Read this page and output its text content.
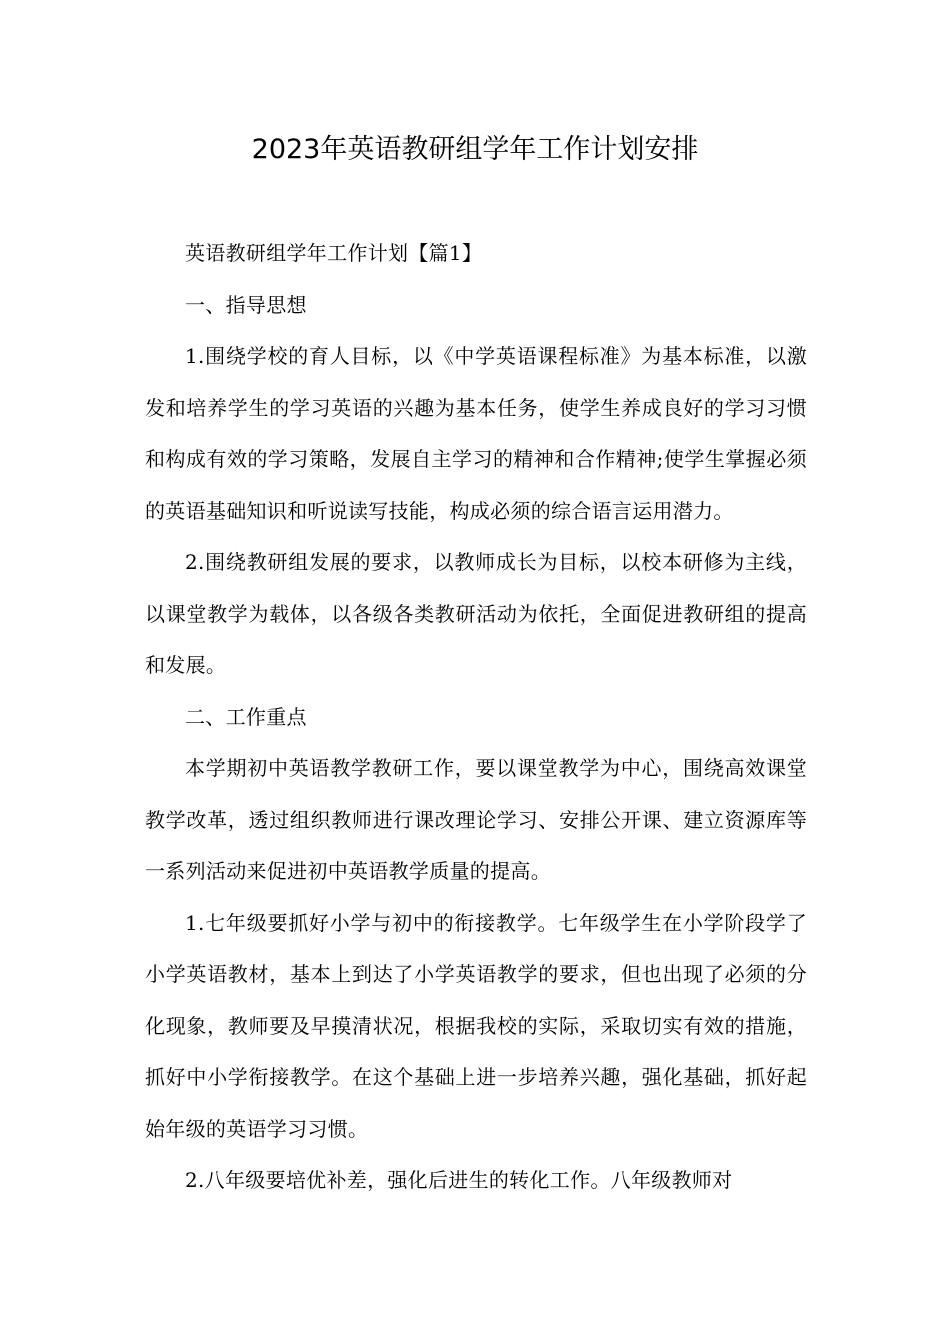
2023年英语教研组学年工作计划安排

英语教研组学年工作计划【篇1】

一、指导思想

1.围绕学校的育人目标，以《中学英语课程标准》为基本标准，以激发和培养学生的学习英语的兴趣为基本任务，使学生养成良好的学习习惯和构成有效的学习策略，发展自主学习的精神和合作精神;使学生掌握必须的英语基础知识和听说读写技能，构成必须的综合语言运用潜力。

2.围绕教研组发展的要求，以教师成长为目标，以校本研修为主线，以课堂教学为载体，以各级各类教研活动为依托，全面促进教研组的提高和发展。

二、工作重点

本学期初中英语教学教研工作，要以课堂教学为中心，围绕高效课堂教学改革，透过组织教师进行课改理论学习、安排公开课、建立资源库等一系列活动来促进初中英语教学质量的提高。

1.七年级要抓好小学与初中的衔接教学。七年级学生在小学阶段学了小学英语教材，基本上到达了小学英语教学的要求，但也出现了必须的分化现象，教师要及早摸清状况，根据我校的实际，采取切实有效的措施，抓好中小学衔接教学。在这个基础上进一步培养兴趣，强化基础，抓好起始年级的英语学习习惯。

2.八年级要培优补差，强化后进生的转化工作。八年级教师对
